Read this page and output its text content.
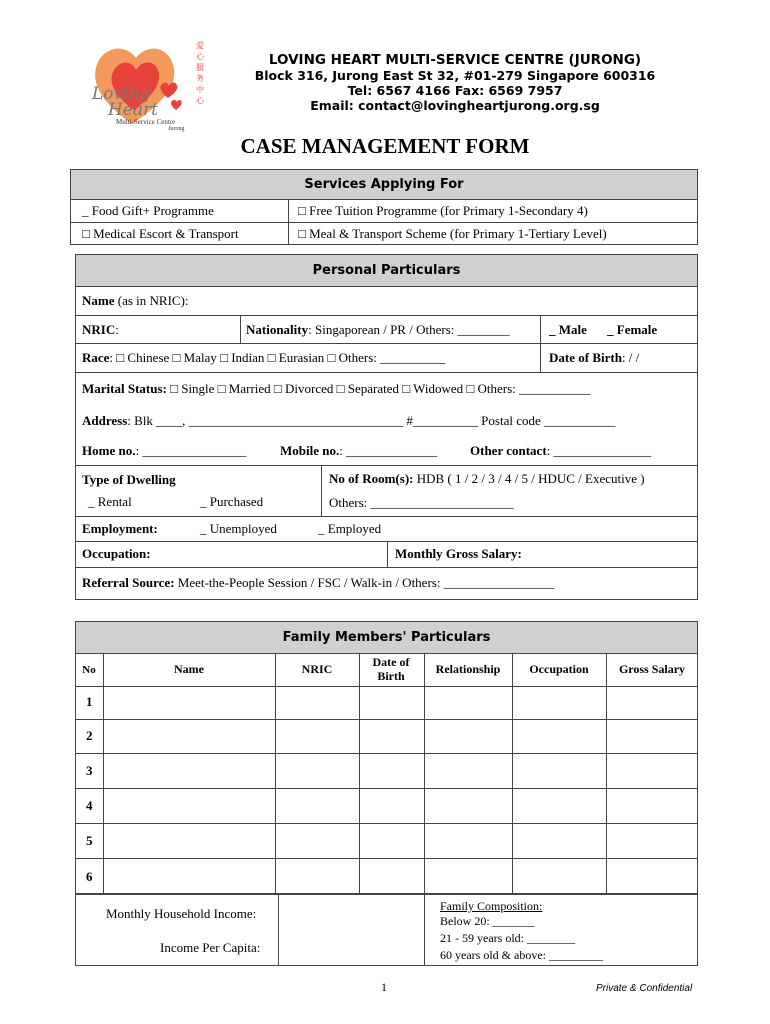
Loving
Heart
Multi-Service Centre
Jurong
爱心服务中心
LOVING HEART MULTI-SERVICE CENTRE (JURONG)
Block 316, Jurong East St 32, #01-279 Singapore 600316
Tel: 6567 4166 Fax: 6569 7957
Email: contact@lovingheartjurong.org.sg
CASE MANAGEMENT FORM
Services Applying For
_ Food Gift+ Programme	□ Free Tuition Programme (for Primary 1-Secondary 4)
□ Medical Escort & Transport	□ Meal & Transport Scheme (for Primary 1-Tertiary Level)
Personal Particulars
Name (as in NRIC):
NRIC:	Nationality: Singaporean / PR / Others: ________	_ Male _ Female
Race: □ Chinese □ Malay □ Indian □ Eurasian □ Others: __________	Date of Birth: / /
Marital Status: □ Single □ Married □ Divorced □ Separated □ Widowed □ Others: ___________
Address: Blk ____, _________________________________ #__________ Postal code ___________
Home no.: ________________	Mobile no.: ______________	Other contact: _______________
Type of Dwelling
_ Rental	_ Purchased
No of Room(s): HDB ( 1 / 2 / 3 / 4 / 5 / HDUC / Executive )
Others: ______________________
Employment:	_ Unemployed	_ Employed
Occupation:	Monthly Gross Salary:
Referral Source: Meet-the-People Session / FSC / Walk-in / Others: _________________
Family Members' Particulars
No	Name	NRIC	Date of Birth	Relationship	Occupation	Gross Salary
1
2
3
4
5
6
Monthly Household Income:
Income Per Capita:
Family Composition:
Below 20: _______
21 - 59 years old: ________
60 years old & above: _________
1	Private & Confidential
